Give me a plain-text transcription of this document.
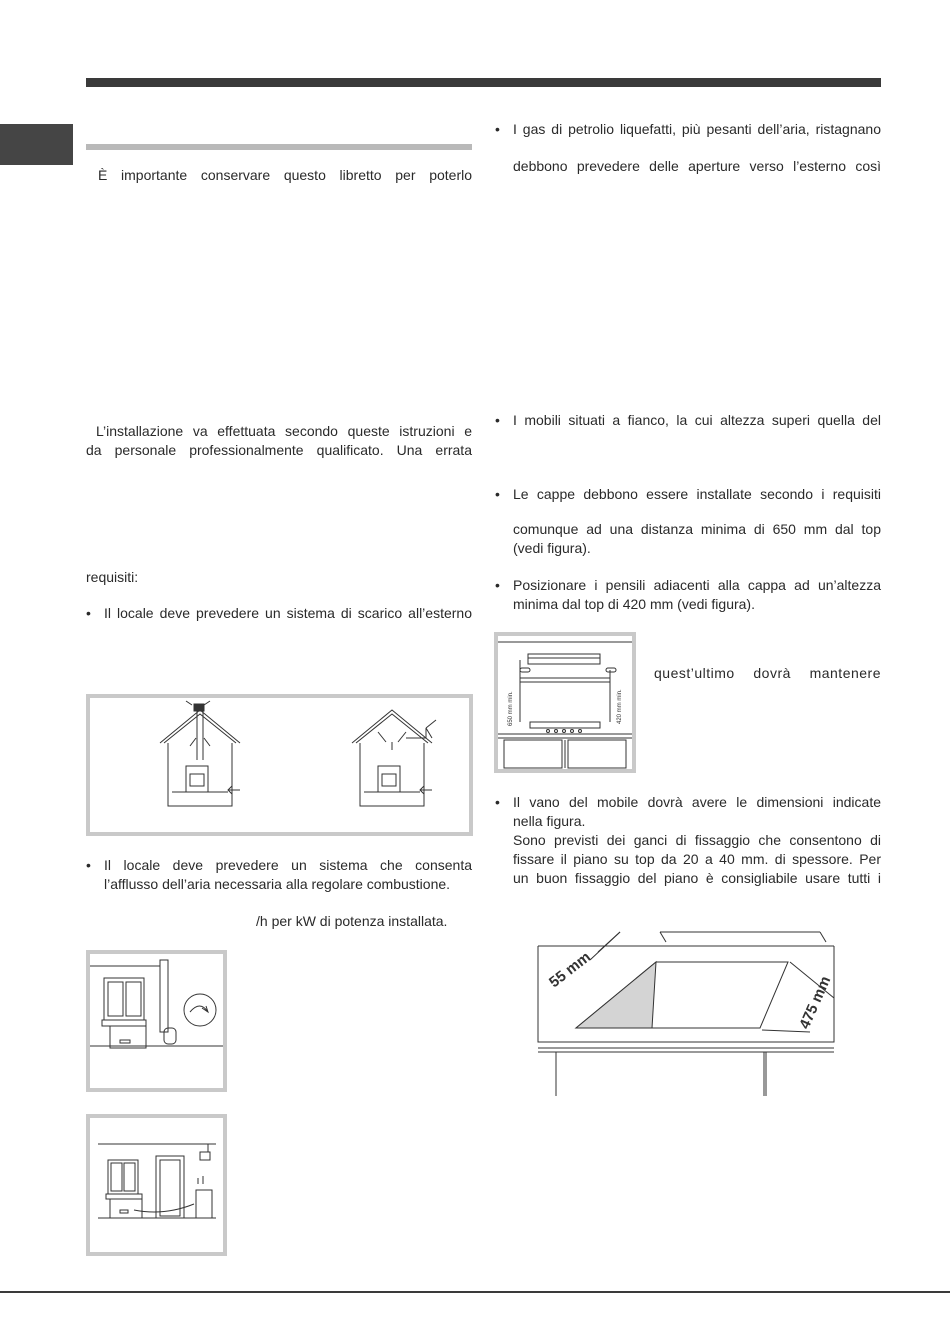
È importante conservare questo libretto per poterlo
L’installazione va effettuata secondo queste istruzioni e
da personale professionalmente qualificato. Una errata
requisiti:
• Il locale deve prevedere un sistema di scarico all’esterno
• Il locale deve prevedere un sistema che consenta
l’afflusso dell’aria necessaria alla regolare combustione.
/h per kW di potenza installata.
• I gas di petrolio liquefatti, più pesanti dell’aria, ristagnano
debbono prevedere delle aperture verso l’esterno così
• I mobili situati a fianco, la cui altezza superi quella del
• Le cappe debbono essere installate secondo i requisiti
comunque ad una distanza minima di 650 mm dal top
(vedi figura).
• Posizionare i pensili adiacenti alla cappa ad un’altezza
minima dal top di 420 mm (vedi figura).
650 mm min.	420 mm min.
quest’ultimo dovrà mantenere
• Il vano del mobile dovrà avere le dimensioni indicate
nella figura.
Sono previsti dei ganci di fissaggio che consentono di
fissare il piano su top da 20 a 40 mm. di spessore. Per
un buon fissaggio del piano è consigliabile usare tutti i
55 mm
475 mm
